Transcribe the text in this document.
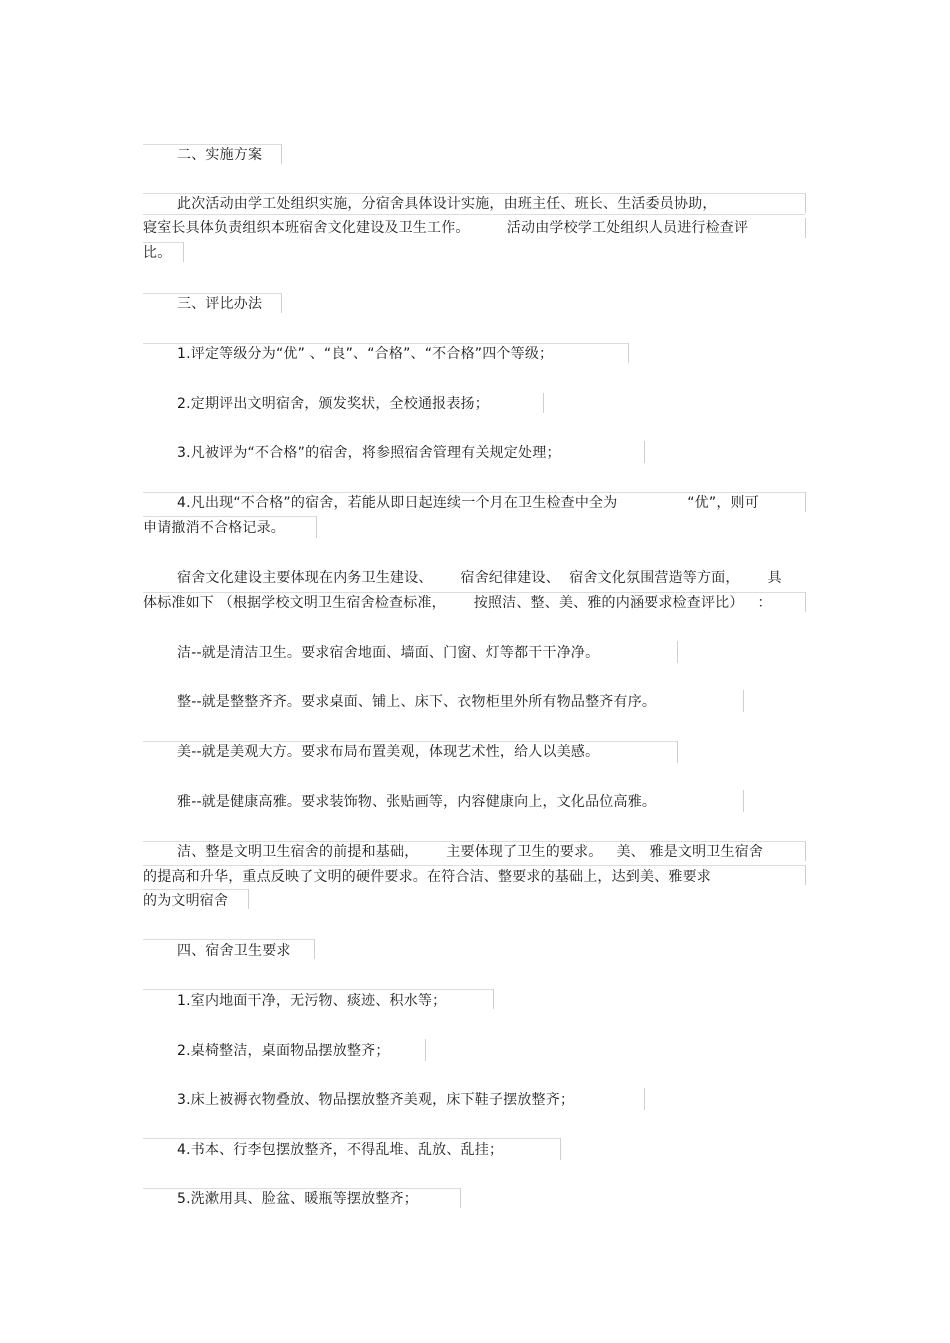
二、实施方案
此次活动由学工处组织实施，分宿舍具体设计实施，由班主任、班长、生活委员协助，
寝室长具体负责组织本班宿舍文化建设及卫生工作。        活动由学校学工处组织人员进行检查评
比。
三、评比办法
1.评定等级分为“优” 、“良”、“合格”、“不合格”四个等级；
2.定期评出文明宿舍，颁发奖状，全校通报表扬；
3.凡被评为“不合格”的宿舍，将参照宿舍管理有关规定处理；
4.凡出现“不合格”的宿舍，若能从即日起连续一个月在卫生检查中全为               “优”，则可
申请撤消不合格记录。
宿舍文化建设主要体现在内务卫生建设、      宿舍纪律建设、  宿舍文化氛围营造等方面，      具
体标准如下 （根据学校文明卫生宿舍检查标准，      按照洁、整、美、雅的内涵要求检查评比）   ：
洁--就是清洁卫生。要求宿舍地面、墙面、门窗、灯等都干干净净。
整--就是整整齐齐。要求桌面、铺上、床下、衣物柜里外所有物品整齐有序。
美--就是美观大方。要求布局布置美观，体现艺术性，给人以美感。
雅--就是健康高雅。要求装饰物、张贴画等，内容健康向上，文化品位高雅。
洁、整是文明卫生宿舍的前提和基础，      主要体现了卫生的要求。   美、 雅是文明卫生宿舍
的提高和升华，重点反映了文明的硬件要求。在符合洁、整要求的基础上，达到美、雅要求
的为文明宿舍
四、宿舍卫生要求
1.室内地面干净，无污物、痰迹、积水等；
2.桌椅整洁，桌面物品摆放整齐；
3.床上被褥衣物叠放、物品摆放整齐美观，床下鞋子摆放整齐；
4.书本、行李包摆放整齐，不得乱堆、乱放、乱挂；
5.洗漱用具、脸盆、暖瓶等摆放整齐；
